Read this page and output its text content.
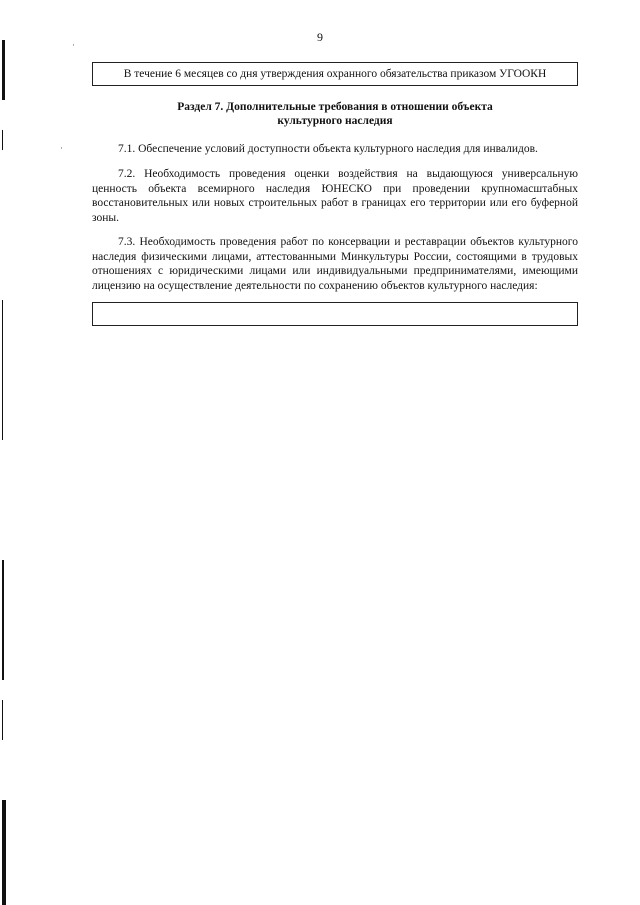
·
·
9
В течение 6 месяцев со дня утверждения охранного обязательства приказом УГООКН
Раздел 7. Дополнительные требования в отношении объекта
культурного наследия

7.1. Обеспечение условий доступности объекта культурного наследия для инвалидов.

7.2. Необходимость проведения оценки воздействия на выдающуюся универсальную ценность объекта всемирного наследия ЮНЕСКО при проведении крупномасштабных восстановительных или новых строительных работ в границах его территории или его буферной зоны.

7.3. Необходимость проведения работ по консервации и реставрации объектов культурного наследия физическими лицами, аттестованными Минкультуры России, состоящими в трудовых отношениях с юридическими лицами или индивидуальными предпринимателями, имеющими лицензию на осуществление деятельности по сохранению объектов культурного наследия:
